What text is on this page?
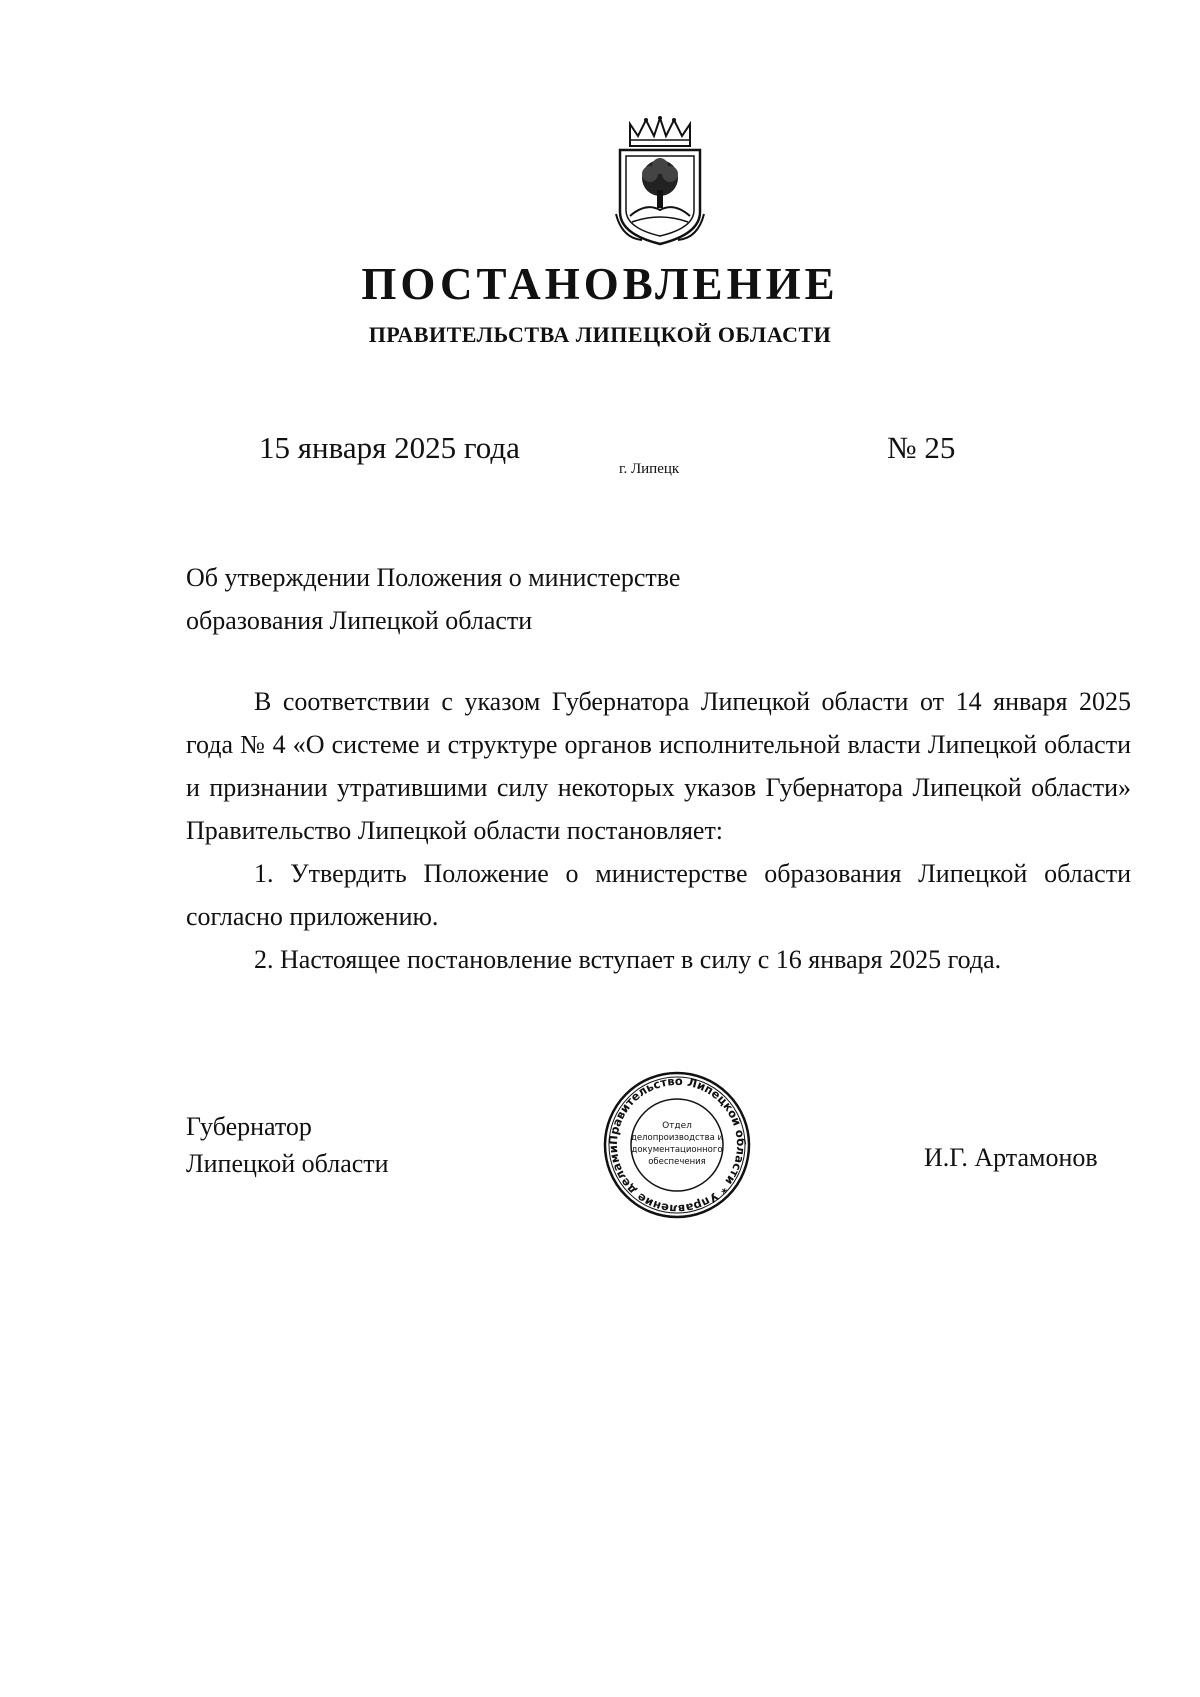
ПОСТАНОВЛЕНИЕ
ПРАВИТЕЛЬСТВА ЛИПЕЦКОЙ ОБЛАСТИ
15 января 2025 года
г. Липецк
№ 25
Об утверждении Положения о министерстве
образования Липецкой области

В соответствии с указом Губернатора Липецкой области от 14 января 2025 года № 4 «О системе и структуре органов исполнительной власти Липецкой области и признании утратившими силу некоторых указов Губернатора Липецкой области» Правительство Липецкой области постановляет:

1. Утвердить Положение о министерстве образования Липецкой области согласно приложению.

2. Настоящее постановление вступает в силу с 16 января 2025 года.

Губернатор
Липецкой области
Правительство Липецкой области * Управление делами
Отдел
делопроизводства и
документационного
обеспечения	И.Г. Артамонов
